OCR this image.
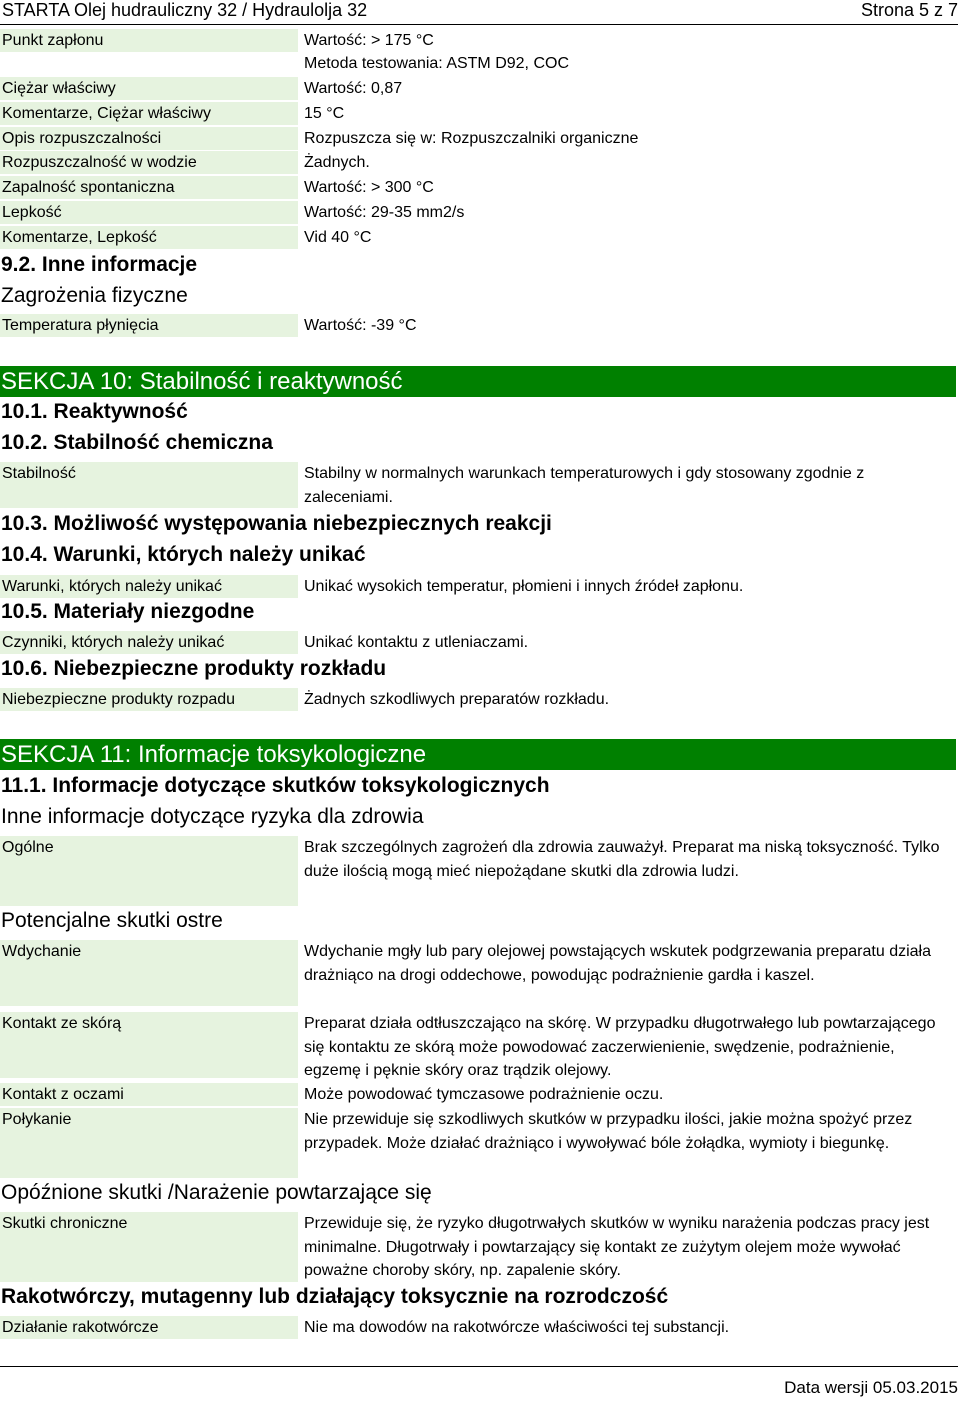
STARTA Olej hudrauliczny 32 / Hydraulolja 32	Strona 5 z 7
Punkt zapłonu	Wartość: > 175 °C
Metoda testowania: ASTM D92, COC
Ciężar właściwy	Wartość: 0,87
Komentarze, Ciężar właściwy	15 °C
Opis rozpuszczalności	Rozpuszcza się w: Rozpuszczalniki organiczne
Rozpuszczalność w wodzie	Żadnych.
Zapalność spontaniczna	Wartość: > 300 °C
Lepkość	Wartość: 29-35 mm2/s
Komentarze, Lepkość	Vid 40 °C
9.2. Inne informacje
Zagrożenia fizyczne
Temperatura płynięcia	Wartość: -39 °C
SEKCJA 10: Stabilność i reaktywność
10.1. Reaktywność
10.2. Stabilność chemiczna
Stabilność	Stabilny w normalnych warunkach temperaturowych i gdy stosowany zgodnie z zaleceniami.
10.3. Możliwość występowania niebezpiecznych reakcji
10.4. Warunki, których należy unikać
Warunki, których należy unikać	Unikać wysokich temperatur, płomieni i innych źródeł zapłonu.
10.5. Materiały niezgodne
Czynniki, których należy unikać	Unikać kontaktu z utleniaczami.
10.6. Niebezpieczne produkty rozkładu
Niebezpieczne produkty rozpadu	Żadnych szkodliwych preparatów rozkładu.
SEKCJA 11: Informacje toksykologiczne
11.1. Informacje dotyczące skutków toksykologicznych
Inne informacje dotyczące ryzyka dla zdrowia
Ogólne	Brak szczególnych zagrożeń dla zdrowia zauważył. Preparat ma niską toksyczność. Tylko duże ilością mogą mieć niepożądane skutki dla zdrowia ludzi.
Potencjalne skutki ostre
Wdychanie	Wdychanie mgły lub pary olejowej powstających wskutek podgrzewania preparatu działa drażniąco na drogi oddechowe, powodując podrażnienie gardła i kaszel.
Kontakt ze skórą	Preparat działa odtłuszczająco na skórę. W przypadku długotrwałego lub powtarzającego się kontaktu ze skórą może powodować zaczerwienienie, swędzenie, podrażnienie, egzemę i pęknie skóry oraz trądzik olejowy.
Kontakt z oczami	Może powodować tymczasowe podrażnienie oczu.
Połykanie	Nie przewiduje się szkodliwych skutków w przypadku ilości, jakie można spożyć przez przypadek. Może działać drażniąco i wywoływać bóle żołądka, wymioty i biegunkę.
Opóźnione skutki /Narażenie powtarzające się
Skutki chroniczne	Przewiduje się, że ryzyko długotrwałych skutków w wyniku narażenia podczas pracy jest minimalne. Długotrwały i powtarzający się kontakt ze zużytym olejem może wywołać poważne choroby skóry, np. zapalenie skóry.
Rakotwórczy, mutagenny lub działający toksycznie na rozrodczość
Działanie rakotwórcze	Nie ma dowodów na rakotwórcze właściwości tej substancji.
Data wersji 05.03.2015
